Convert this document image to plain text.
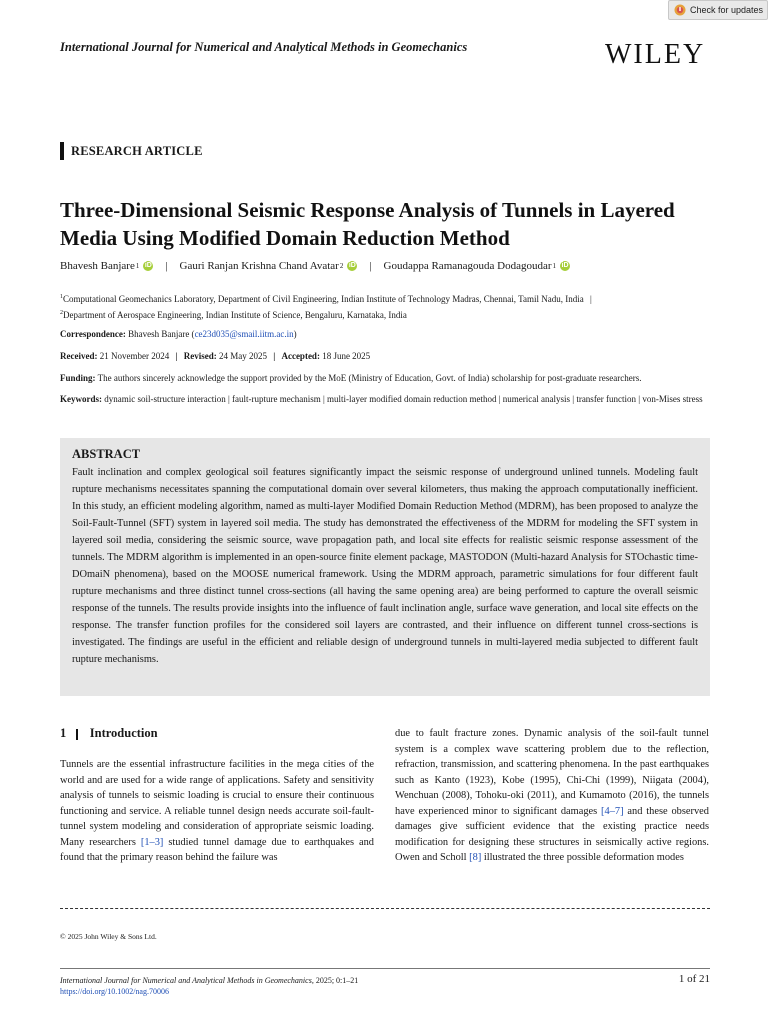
Check for updates
International Journal for Numerical and Analytical Methods in Geomechanics	WILEY
RESEARCH ARTICLE
Three-Dimensional Seismic Response Analysis of Tunnels in Layered Media Using Modified Domain Reduction Method
Bhavesh Banjare 1 iD | Gauri Ranjan Krishna Chand Avatar 2 iD | Goudappa Ramanagouda Dodagoudar 1 iD
$^1$Computational Geomechanics Laboratory, Department of Civil Engineering, Indian Institute of Technology Madras, Chennai, Tamil Nadu, India |
$^2$Department of Aerospace Engineering, Indian Institute of Science, Bengaluru, Karnataka, India
Correspondence: Bhavesh Banjare (ce23d035@smail.iitm.ac.in)
Received: 21 November 2024 | Revised: 24 May 2025 | Accepted: 18 June 2025
Funding: The authors sincerely acknowledge the support provided by the MoE (Ministry of Education, Govt. of India) scholarship for post-graduate researchers.
Keywords: dynamic soil-structure interaction | fault-rupture mechanism | multi-layer modified domain reduction method | numerical analysis | transfer function | von-Mises stress
ABSTRACT

Fault inclination and complex geological soil features significantly impact the seismic response of underground unlined tunnels. Modeling fault rupture mechanisms necessitates spanning the computational domain over several kilometers, thus making the approach computationally inefficient. In this study, an efficient modeling algorithm, named as multi-layer Modified Domain Reduction Method (MDRM), has been proposed to analyze the Soil-Fault-Tunnel (SFT) system in layered soil media. The study has demonstrated the effectiveness of the MDRM for modeling the SFT system in layered soil media, considering the seismic source, wave propagation path, and local site effects for realistic seismic response assessment of the tunnels. The MDRM algorithm is implemented in an open-source finite element package, MASTODON (Multi-hazard Analysis for STOchastic time-DOmaiN phenomena), based on the MOOSE numerical framework. Using the MDRM approach, parametric simulations for four different fault rupture mechanisms and three distinct tunnel cross-sections (all having the same opening area) are being performed to capture the overall seismic response of the tunnels. The results provide insights into the influence of fault inclination angle, surface wave generation, and local site effects on the response. The transfer function profiles for the considered soil layers are contrasted, and their influence on different tunnel cross-sections is investigated. The findings are useful in the efficient and reliable design of underground tunnels in multi-layered media subjected to different fault rupture mechanisms.

1 Introduction
Tunnels are the essential infrastructure facilities in the mega cities of the world and are used for a wide range of applications. Safety and sensitivity analysis of tunnels to seismic loading is crucial to ensure their continuous functioning and service. A reliable tunnel design needs accurate soil-fault-tunnel system modeling and consideration of appropriate seismic loading. Many researchers [1–3] studied tunnel damage due to earthquakes and found that the primary reason behind the failure was
due to fault fracture zones. Dynamic analysis of the soil-fault tunnel system is a complex wave scattering problem due to the reflection, refraction, transmission, and scattering phenomena. In the past earthquakes such as Kanto (1923), Kobe (1995), Chi-Chi (1999), Niigata (2004), Wenchuan (2008), Tohoku-oki (2011), and Kumamoto (2016), the tunnels have experienced minor to significant damages [4–7] and these observed damages give sufficient evidence that the existing practice needs modification for designing these structures in seismically active regions. Owen and Scholl [8] illustrated the three possible deformation modes
© 2025 John Wiley & Sons Ltd.
International Journal for Numerical and Analytical Methods in Geomechanics, 2025; 0:1–21
https://doi.org/10.1002/nag.70006
1 of 21
